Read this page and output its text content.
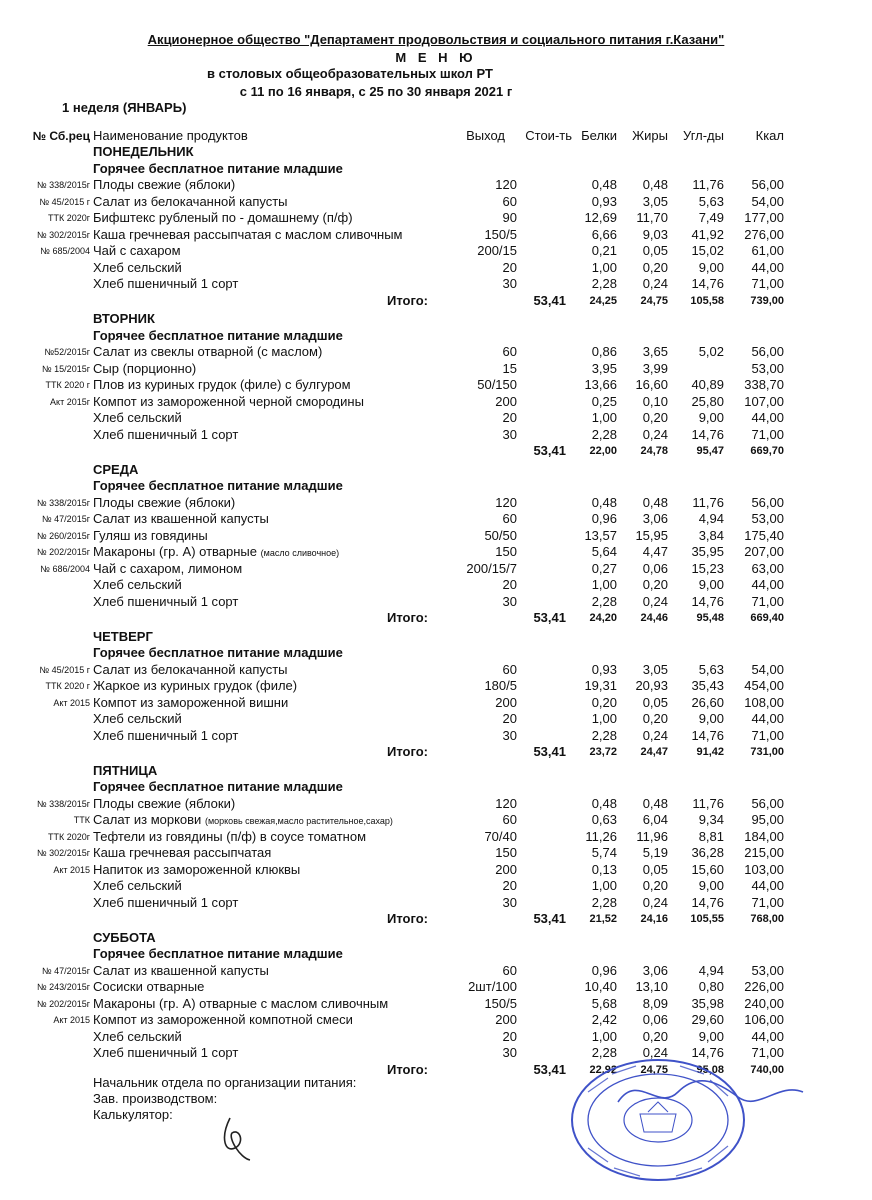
Акционерное общество "Департамент продовольствия и социального питания г.Казани"
М Е Н Ю
в столовых общеобразовательных школ РТ
с 11 по 16 января, с 25 по 30 января 2021 г
1 неделя (ЯНВАРЬ)
№ Сб.рец Наименование продуктов	Выход Стои-ть Белки Жиры Угл-ды Ккал
ПОНЕДЕЛЬНИК
Горячее бесплатное питание младшие
№ 338/2015г Плоды свежие (яблоки)	120	0,48 0,48 11,76 56,00
№ 45/2015 г Салат из белокачанной капусты	60	0,93 3,05 5,63 54,00
ТТК 2020г Бифштекс рубленый по - домашнему (п/ф)	90	12,69 11,70 7,49 177,00
№ 302/2015г Каша гречневая рассыпчатая с маслом сливочным	150/5	6,66 9,03 41,92 276,00
№ 685/2004 Чай с сахаром	200/15	0,21 0,05 15,02 61,00
Хлеб сельский	20	1,00 0,20 9,00 44,00
Хлеб пшеничный 1 сорт	30	2,28 0,24 14,76 71,00
Итого:	53,41 24,25 24,75 105,58 739,00
ВТОРНИК
Горячее бесплатное питание младшие
№52/2015г Салат из свеклы отварной (с маслом)	60	0,86 3,65 5,02 56,00
№ 15/2015г Сыр (порционно)	15	3,95 3,99	53,00
ТТК 2020 г Плов из куриных грудок (филе) с булгуром	50/150	13,66 16,60 40,89 338,70
Акт 2015г Компот из замороженной черной смородины	200	0,25 0,10 25,80 107,00
Хлеб сельский	20	1,00 0,20 9,00 44,00
Хлеб пшеничный 1 сорт	30	2,28 0,24 14,76 71,00
53,41 22,00 24,78	95,47 669,70
СРЕДА
Горячее бесплатное питание младшие
№ 338/2015г Плоды свежие (яблоки)	120	0,48 0,48 11,76 56,00
№ 47/2015г Салат из квашенной капусты	60	0,96 3,06 4,94 53,00
№ 260/2015г Гуляш из говядины	50/50	13,57 15,95 3,84 175,40
№ 202/2015г Макароны (гр. А) отварные (масло сливочное)	150	5,64 4,47 35,95 207,00
№ 686/2004 Чай с сахаром, лимоном	200/15/7	0,27 0,06 15,23 63,00
Хлеб сельский	20	1,00 0,20 9,00 44,00
Хлеб пшеничный 1 сорт	30	2,28 0,24 14,76 71,00
Итого:	53,41 24,20 24,46	95,48 669,40
ЧЕТВЕРГ
Горячее бесплатное питание младшие
№ 45/2015 г Салат из белокачанной капусты	60	0,93 3,05 5,63 54,00
ТТК 2020 г Жаркое из куриных грудок (филе)	180/5	19,31 20,93 35,43 454,00
Акт 2015 Компот из замороженной вишни	200	0,20 0,05 26,60 108,00
Хлеб сельский	20	1,00 0,20 9,00 44,00
Хлеб пшеничный 1 сорт	30	2,28 0,24 14,76 71,00
Итого:	53,41 23,72 24,47	91,42 731,00
ПЯТНИЦА
Горячее бесплатное питание младшие
№ 338/2015г Плоды свежие (яблоки)	120	0,48 0,48 11,76 56,00
ТТК Салат из моркови (морковь свежая,масло растительное,сахар)	60	0,63 6,04 9,34 95,00
ТТК 2020г Тефтели из говядины (п/ф) в соусе томатном	70/40	11,26 11,96 8,81 184,00
№ 302/2015г Каша гречневая рассыпчатая	150	5,74 5,19 36,28 215,00
Акт 2015 Напиток из замороженной клюквы	200	0,13 0,05 15,60 103,00
Хлеб сельский	20	1,00 0,20 9,00 44,00
Хлеб пшеничный 1 сорт	30	2,28 0,24 14,76 71,00
Итого:	53,41 21,52 24,16 105,55 768,00
СУББОТА
Горячее бесплатное питание младшие
№ 47/2015г Салат из квашенной капусты	60	0,96 3,06 4,94 53,00
№ 243/2015г Сосиски отварные	2шт/100	10,40 13,10 0,80 226,00
№ 202/2015г Макароны (гр. А) отварные с маслом сливочным	150/5	5,68 8,09 35,98 240,00
Акт 2015 Компот из замороженной компотной смеси	200	2,42 0,06 29,60 106,00
Хлеб сельский	20	1,00 0,20 9,00 44,00
Хлеб пшеничный 1 сорт	30	2,28 0,24 14,76 71,00
Итого:	53,41 22,92 24,75	95,08 740,00
Начальник отдела по организации питания:
Зав. производством:
Калькулятор:
